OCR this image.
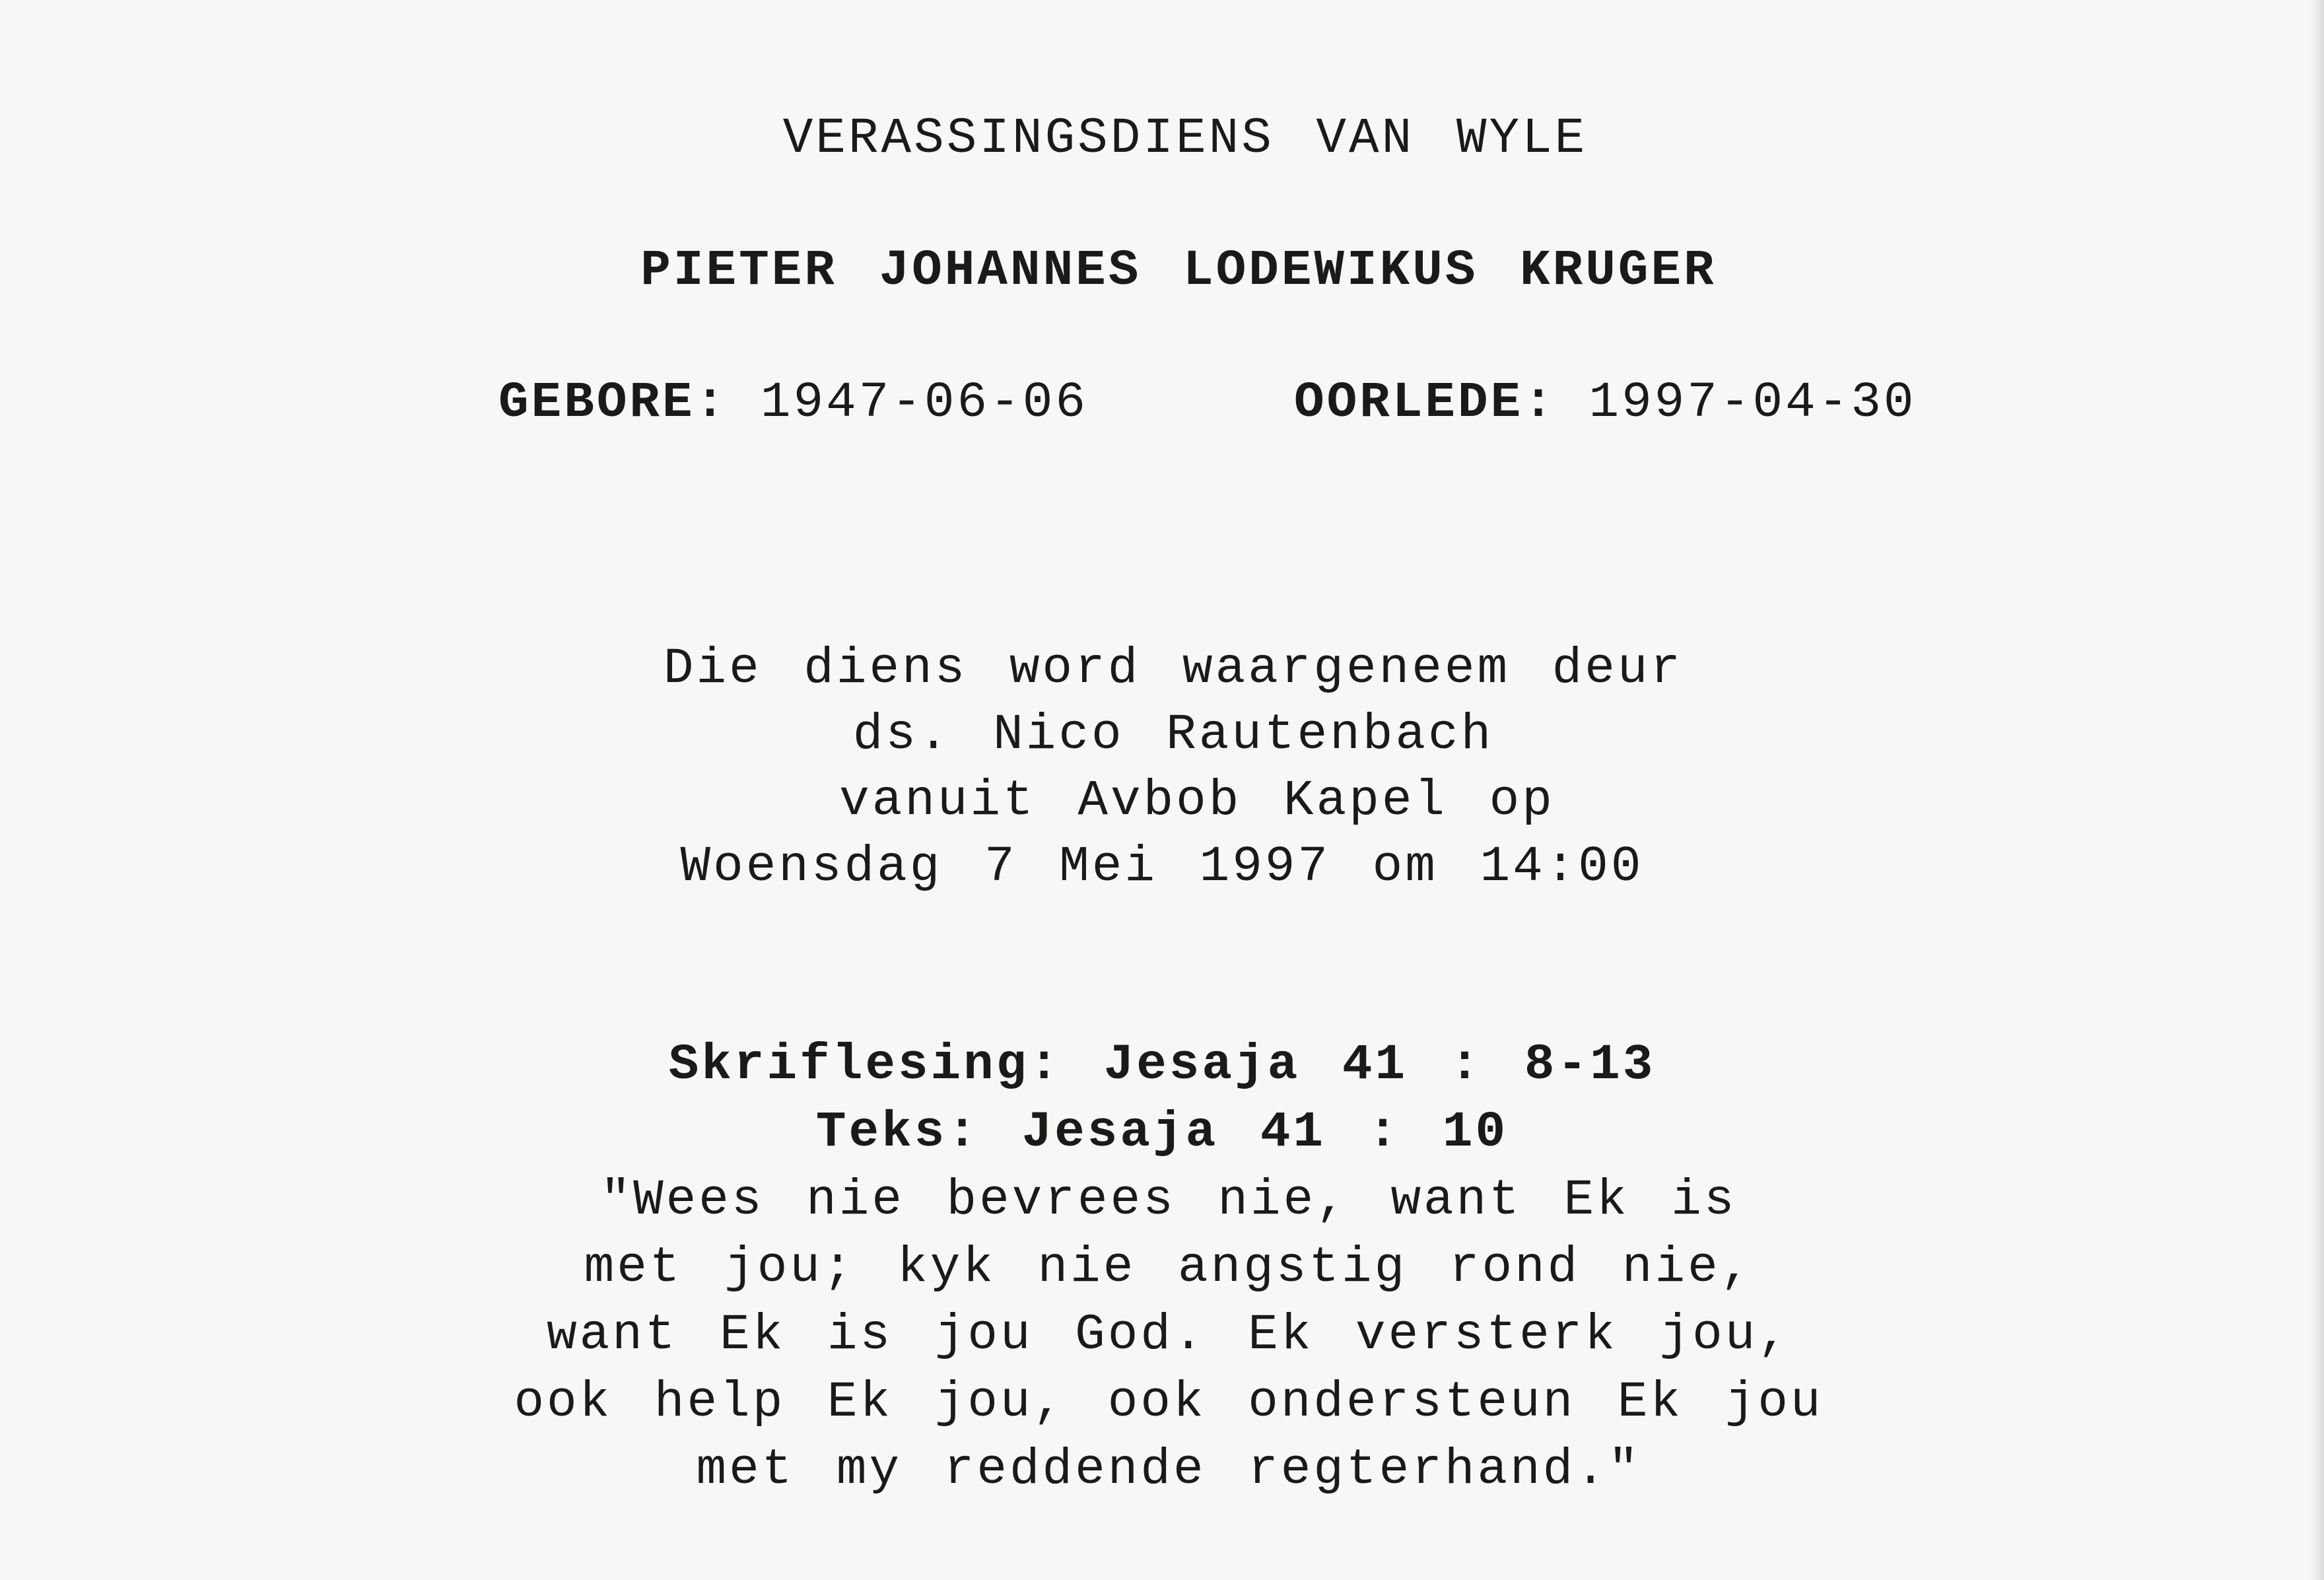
VERASSINGSDIENS VAN WYLE

PIETER JOHANNES LODEWIKUS KRUGER

GEBORE: 1947-06-06

	OORLEDE: 1997-04-30

Die diens word waargeneem deur

ds. Nico Rautenbach

vanuit Avbob Kapel op

Woensdag 7 Mei 1997 om 14:00

Skriflesing: Jesaja 41 : 8-13

Teks: Jesaja 41 : 10

"Wees nie bevrees nie, want Ek is

met jou; kyk nie angstig rond nie,

want Ek is jou God. Ek versterk jou,

ook help Ek jou, ook ondersteun Ek jou

met my reddende regterhand."
